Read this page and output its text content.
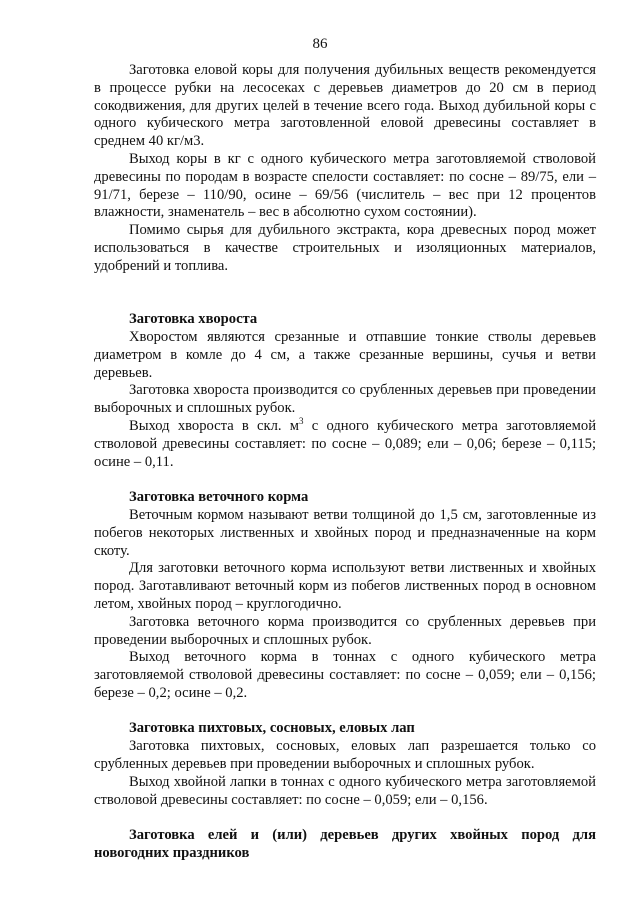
86

Заготовка еловой коры для получения дубильных веществ рекомендуется в процессе рубки на лесосеках с деревьев диаметров до 20 см в период сокодвижения, для других целей в течение всего года. Выход дубильной коры с одного кубического метра заготовленной еловой древесины составляет в среднем 40 кг/м3.

Выход коры в кг с одного кубического метра заготовляемой стволовой древесины по породам в возрасте спелости составляет: по сосне – 89/75, ели – 91/71, березе – 110/90, осине – 69/56 (числитель – вес при 12 процентов влажности, знаменатель – вес в абсолютно сухом состоянии).

Помимо сырья для дубильного экстракта, кора древесных пород может использоваться в качестве строительных и изоляционных материалов, удобрений и топлива.

Заготовка хвороста

Хворостом являются срезанные и отпавшие тонкие стволы деревьев диаметром в комле до 4 см, а также срезанные вершины, сучья и ветви деревьев.

Заготовка хвороста производится со срубленных деревьев при проведении выборочных и сплошных рубок.

Выход хвороста в скл. $м^3$ с одного кубического метра заготовляемой стволовой древесины составляет: по сосне – 0,089; ели – 0,06; березе – 0,115; осине – 0,11.

Заготовка веточного корма

Веточным кормом называют ветви толщиной до 1,5 см, заготовленные из побегов некоторых лиственных и хвойных пород и предназначенные на корм скоту.

Для заготовки веточного корма используют ветви лиственных и хвойных пород. Заготавливают веточный корм из побегов лиственных пород в основном летом, хвойных пород – круглогодично.

Заготовка веточного корма производится со срубленных деревьев при проведении выборочных и сплошных рубок.

Выход веточного корма в тоннах с одного кубического метра заготовляемой стволовой древесины составляет: по сосне – 0,059; ели – 0,156; березе – 0,2; осине – 0,2.

Заготовка пихтовых, сосновых, еловых лап

Заготовка пихтовых, сосновых, еловых лап разрешается только со срубленных деревьев при проведении выборочных и сплошных рубок.

Выход хвойной лапки в тоннах с одного кубического метра заготовляемой стволовой древесины составляет: по сосне – 0,059; ели – 0,156.

Заготовка елей и (или) деревьев других хвойных пород для новогодних праздников
